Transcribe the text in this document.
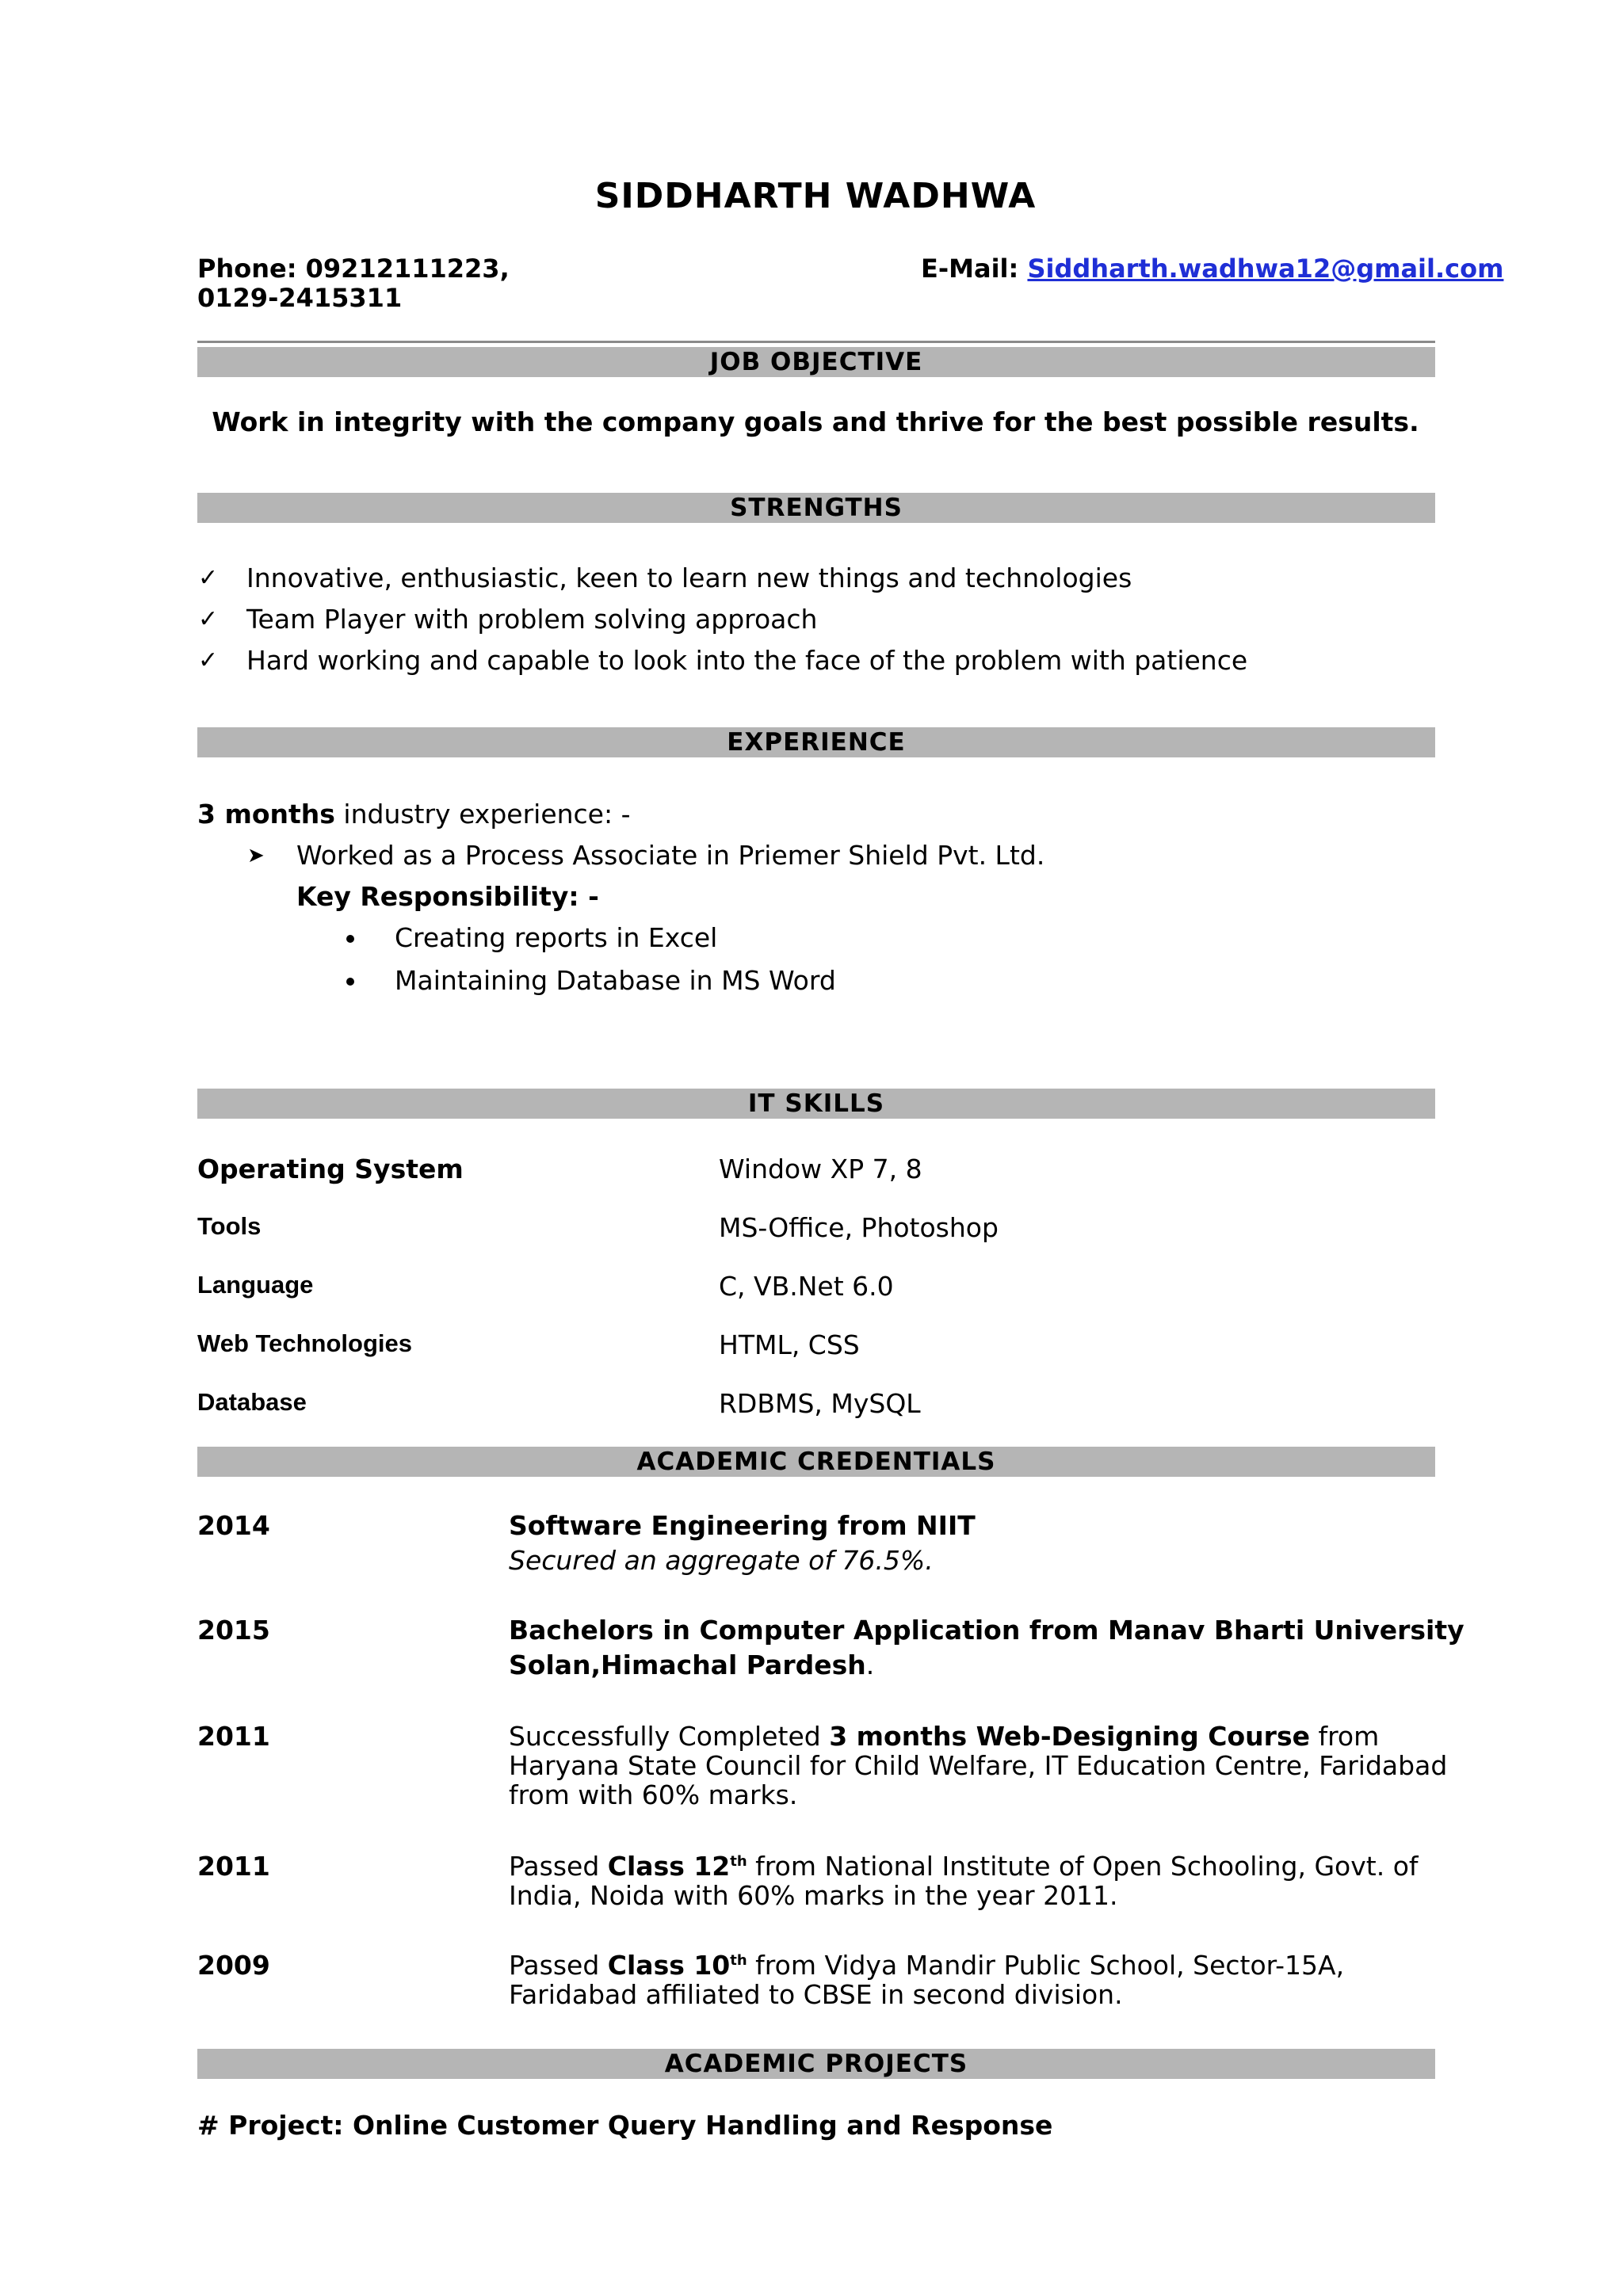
SIDDHARTH WADHWA
Phone: 09212111223,
0129-2415311
E-Mail: Siddharth.wadhwa12@gmail.com
JOB OBJECTIVE
Work in integrity with the company goals and thrive for the best possible results.
STRENGTHS
✓ Innovative, enthusiastic, keen to learn new things and technologies
✓ Team Player with problem solving approach
✓ Hard working and capable to look into the face of the problem with patience
EXPERIENCE
3 months industry experience: -
➤ Worked as a Process Associate in Priemer Shield Pvt. Ltd.
Key Responsibility: -
Creating reports in Excel
Maintaining Database in MS Word
IT SKILLS
Operating System	Window XP 7, 8
Tools	MS-Office, Photoshop
Language	C, VB.Net 6.0
Web Technologies	HTML, CSS
Database	RDBMS, MySQL
ACADEMIC CREDENTIALS
2014	Software Engineering from NIIT
Secured an aggregate of 76.5%.
2015	Bachelors in Computer Application from Manav Bharti University
Solan,Himachal Pardesh.
2011	Successfully Completed 3 months Web-Designing Course from
Haryana State Council for Child Welfare, IT Education Centre, Faridabad
from with 60% marks.
2011	Passed Class 12th from National Institute of Open Schooling, Govt. of
India, Noida with 60% marks in the year 2011.
2009	Passed Class 10th from Vidya Mandir Public School, Sector-15A,
Faridabad affiliated to CBSE in second division.
ACADEMIC PROJECTS
# Project: Online Customer Query Handling and Response
